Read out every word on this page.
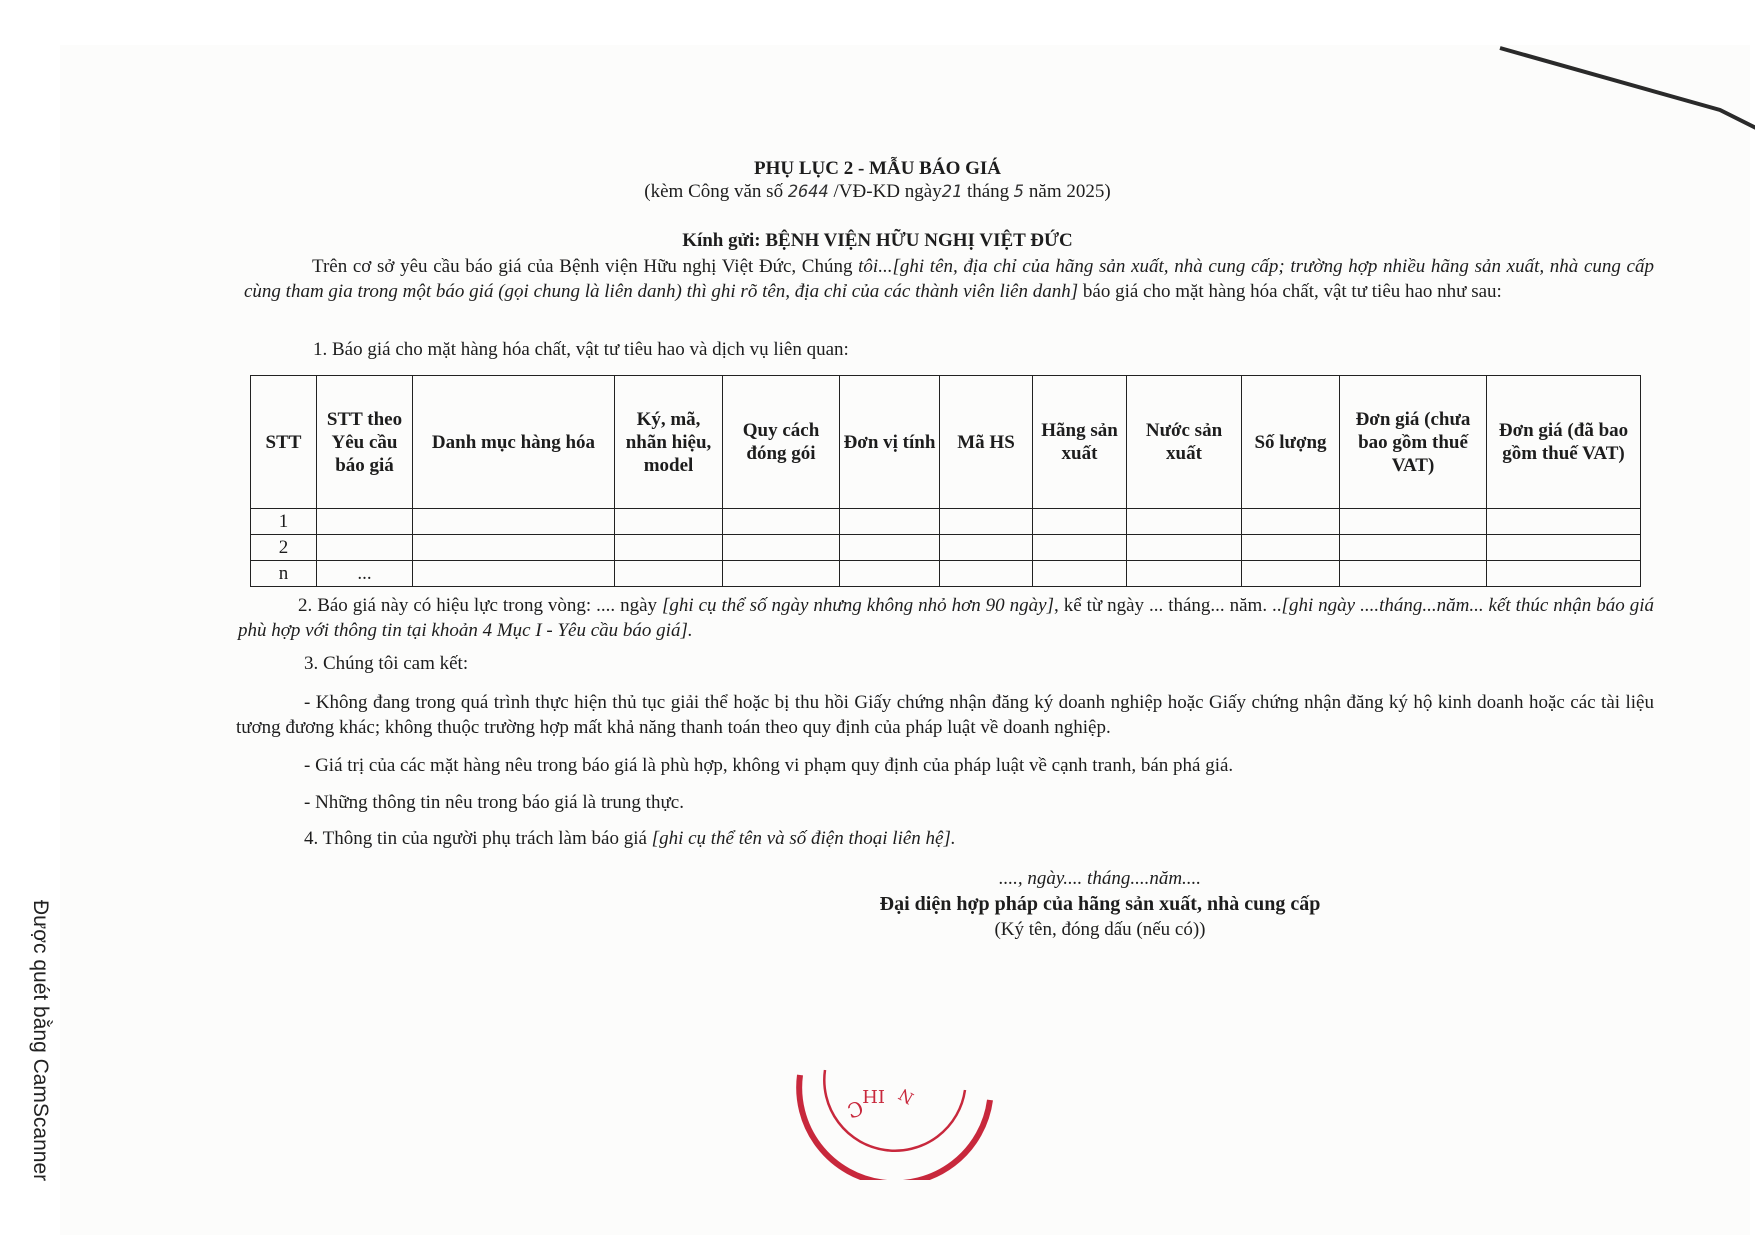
PHỤ LỤC 2 - MẪU BÁO GIÁ
(kèm Công văn số 2644 /VĐ-KD ngày21 tháng 5 năm 2025)
Kính gửi: BỆNH VIỆN HỮU NGHỊ VIỆT ĐỨC
Trên cơ sở yêu cầu báo giá của Bệnh viện Hữu nghị Việt Đức, Chúng tôi...[ghi tên, địa chỉ của hãng sản xuất, nhà cung cấp; trường hợp nhiều hãng sản xuất, nhà cung cấp cùng tham gia trong một báo giá (gọi chung là liên danh) thì ghi rõ tên, địa chỉ của các thành viên liên danh] báo giá cho mặt hàng hóa chất, vật tư tiêu hao như sau:
1. Báo giá cho mặt hàng hóa chất, vật tư tiêu hao và dịch vụ liên quan:
STT	STT theo Yêu cầu báo giá	Danh mục hàng hóa	Ký, mã, nhãn hiệu, model	Quy cách đóng gói	Đơn vị tính	Mã HS	Hãng sản xuất	Nước sản xuất	Số lượng	Đơn giá (chưa bao gồm thuế VAT)	Đơn giá (đã bao gồm thuế VAT)
1											
2											
n	...										
2. Báo giá này có hiệu lực trong vòng: .... ngày [ghi cụ thể số ngày nhưng không nhỏ hơn 90 ngày], kể từ ngày ... tháng... năm. ..[ghi ngày ....tháng...năm... kết thúc nhận báo giá phù hợp với thông tin tại khoản 4 Mục I - Yêu cầu báo giá].
3. Chúng tôi cam kết:
- Không đang trong quá trình thực hiện thủ tục giải thể hoặc bị thu hồi Giấy chứng nhận đăng ký doanh nghiệp hoặc Giấy chứng nhận đăng ký hộ kinh doanh hoặc các tài liệu tương đương khác; không thuộc trường hợp mất khả năng thanh toán theo quy định của pháp luật về doanh nghiệp.
- Giá trị của các mặt hàng nêu trong báo giá là phù hợp, không vi phạm quy định của pháp luật về cạnh tranh, bán phá giá.
- Những thông tin nêu trong báo giá là trung thực.
4. Thông tin của người phụ trách làm báo giá [ghi cụ thể tên và số điện thoại liên hệ].
...., ngày.... tháng....năm....
Đại diện hợp pháp của hãng sản xuất, nhà cung cấp
(Ký tên, đóng dấu (nếu có))
C
IH N
Được quét bằng CamScanner
